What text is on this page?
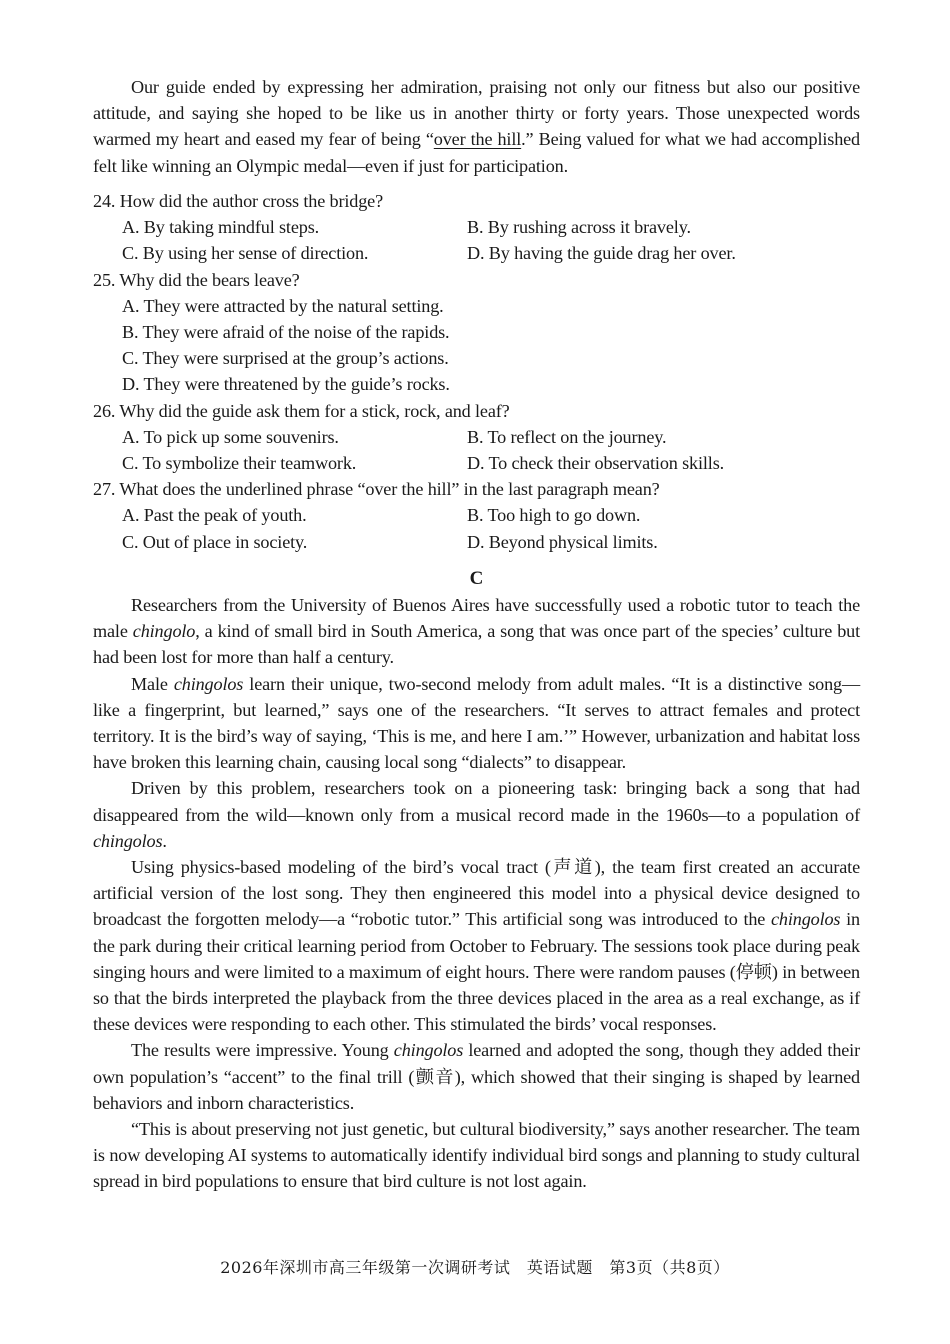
Our guide ended by expressing her admiration, praising not only our fitness but also our positive attitude, and saying she hoped to be like us in another thirty or forty years. Those unexpected words warmed my heart and eased my fear of being “over the hill.” Being valued for what we had accomplished felt like winning an Olympic medal—even if just for participation.

24. How did the author cross the bridge?

A. By taking mindful steps.	B. By rushing across it bravely.
C. By using her sense of direction.	D. By having the guide drag her over.

25. Why did the bears leave?

A. They were attracted by the natural setting.
B. They were afraid of the noise of the rapids.
C. They were surprised at the group’s actions.
D. They were threatened by the guide’s rocks.

26. Why did the guide ask them for a stick, rock, and leaf?

A. To pick up some souvenirs.	B. To reflect on the journey.
C. To symbolize their teamwork.	D. To check their observation skills.

27. What does the underlined phrase “over the hill” in the last paragraph mean?

A. Past the peak of youth.	B. Too high to go down.
C. Out of place in society.	D. Beyond physical limits.

C

Researchers from the University of Buenos Aires have successfully used a robotic tutor to teach the male chingolo, a kind of small bird in South America, a song that was once part of the species’ culture but had been lost for more than half a century.

Male chingolos learn their unique, two-second melody from adult males. “It is a distinctive song—like a fingerprint, but learned,” says one of the researchers. “It serves to attract females and protect territory. It is the bird’s way of saying, ‘This is me, and here I am.’” However, urbanization and habitat loss have broken this learning chain, causing local song “dialects” to disappear.

Driven by this problem, researchers took on a pioneering task: bringing back a song that had disappeared from the wild—known only from a musical record made in the 1960s—to a population of chingolos.

Using physics-based modeling of the bird’s vocal tract (声道), the team first created an accurate artificial version of the lost song. They then engineered this model into a physical device designed to broadcast the forgotten melody—a “robotic tutor.” This artificial song was introduced to the chingolos in the park during their critical learning period from October to February. The sessions took place during peak singing hours and were limited to a maximum of eight hours. There were random pauses (停顿) in between so that the birds interpreted the playback from the three devices placed in the area as a real exchange, as if these devices were responding to each other. This stimulated the birds’ vocal responses.

The results were impressive. Young chingolos learned and adopted the song, though they added their own population’s “accent” to the final trill (颤音), which showed that their singing is shaped by learned behaviors and inborn characteristics.

“This is about preserving not just genetic, but cultural biodiversity,” says another researcher. The team is now developing AI systems to automatically identify individual bird songs and planning to study cultural spread in bird populations to ensure that bird culture is not lost again.

2026年深圳市高三年级第一次调研考试　英语试题　第3页（共8页）
